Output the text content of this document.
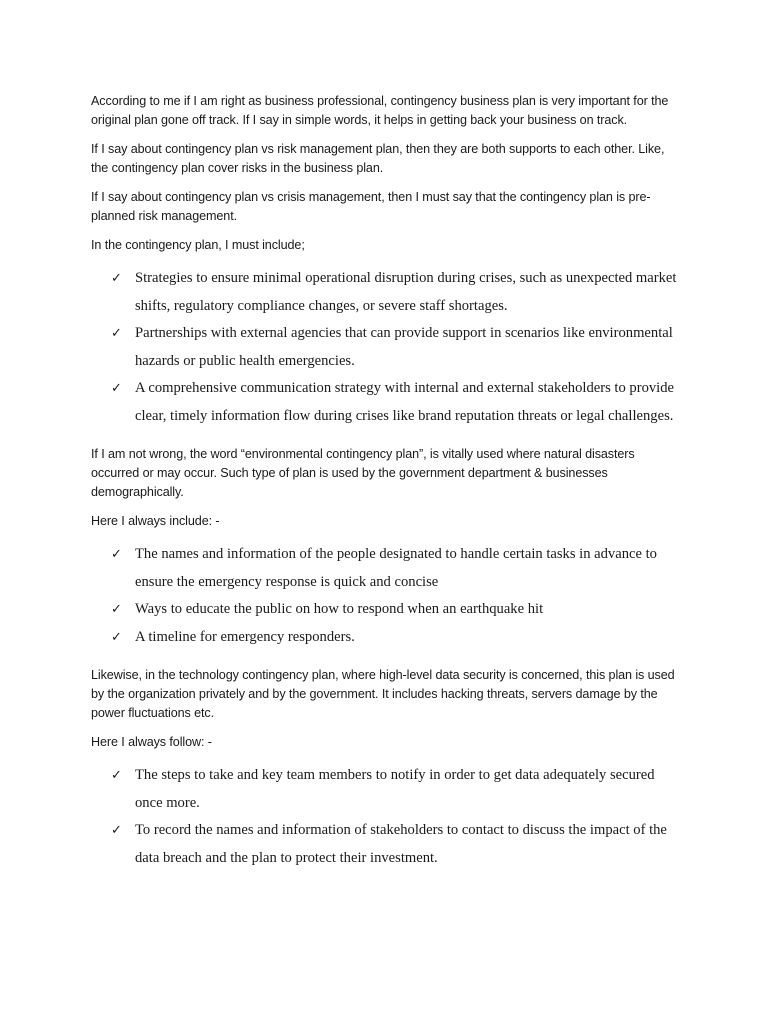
According to me if I am right as business professional, contingency business plan is very important for the original plan gone off track. If I say in simple words, it helps in getting back your business on track.

If I say about contingency plan vs risk management plan, then they are both supports to each other. Like, the contingency plan cover risks in the business plan.

If I say about contingency plan vs crisis management, then I must say that the contingency plan is pre-planned risk management.

In the contingency plan, I must include;

✓ Strategies to ensure minimal operational disruption during crises, such as unexpected market shifts, regulatory compliance changes, or severe staff shortages.
✓ Partnerships with external agencies that can provide support in scenarios like environmental hazards or public health emergencies.
✓ A comprehensive communication strategy with internal and external stakeholders to provide clear, timely information flow during crises like brand reputation threats or legal challenges.

If I am not wrong, the word “environmental contingency plan”, is vitally used where natural disasters occurred or may occur. Such type of plan is used by the government department & businesses demographically.

Here I always include: -

✓ The names and information of the people designated to handle certain tasks in advance to ensure the emergency response is quick and concise
✓ Ways to educate the public on how to respond when an earthquake hit
✓ A timeline for emergency responders.

Likewise, in the technology contingency plan, where high-level data security is concerned, this plan is used by the organization privately and by the government. It includes hacking threats, servers damage by the power fluctuations etc.

Here I always follow: -

✓ The steps to take and key team members to notify in order to get data adequately secured once more.
✓ To record the names and information of stakeholders to contact to discuss the impact of the data breach and the plan to protect their investment.
